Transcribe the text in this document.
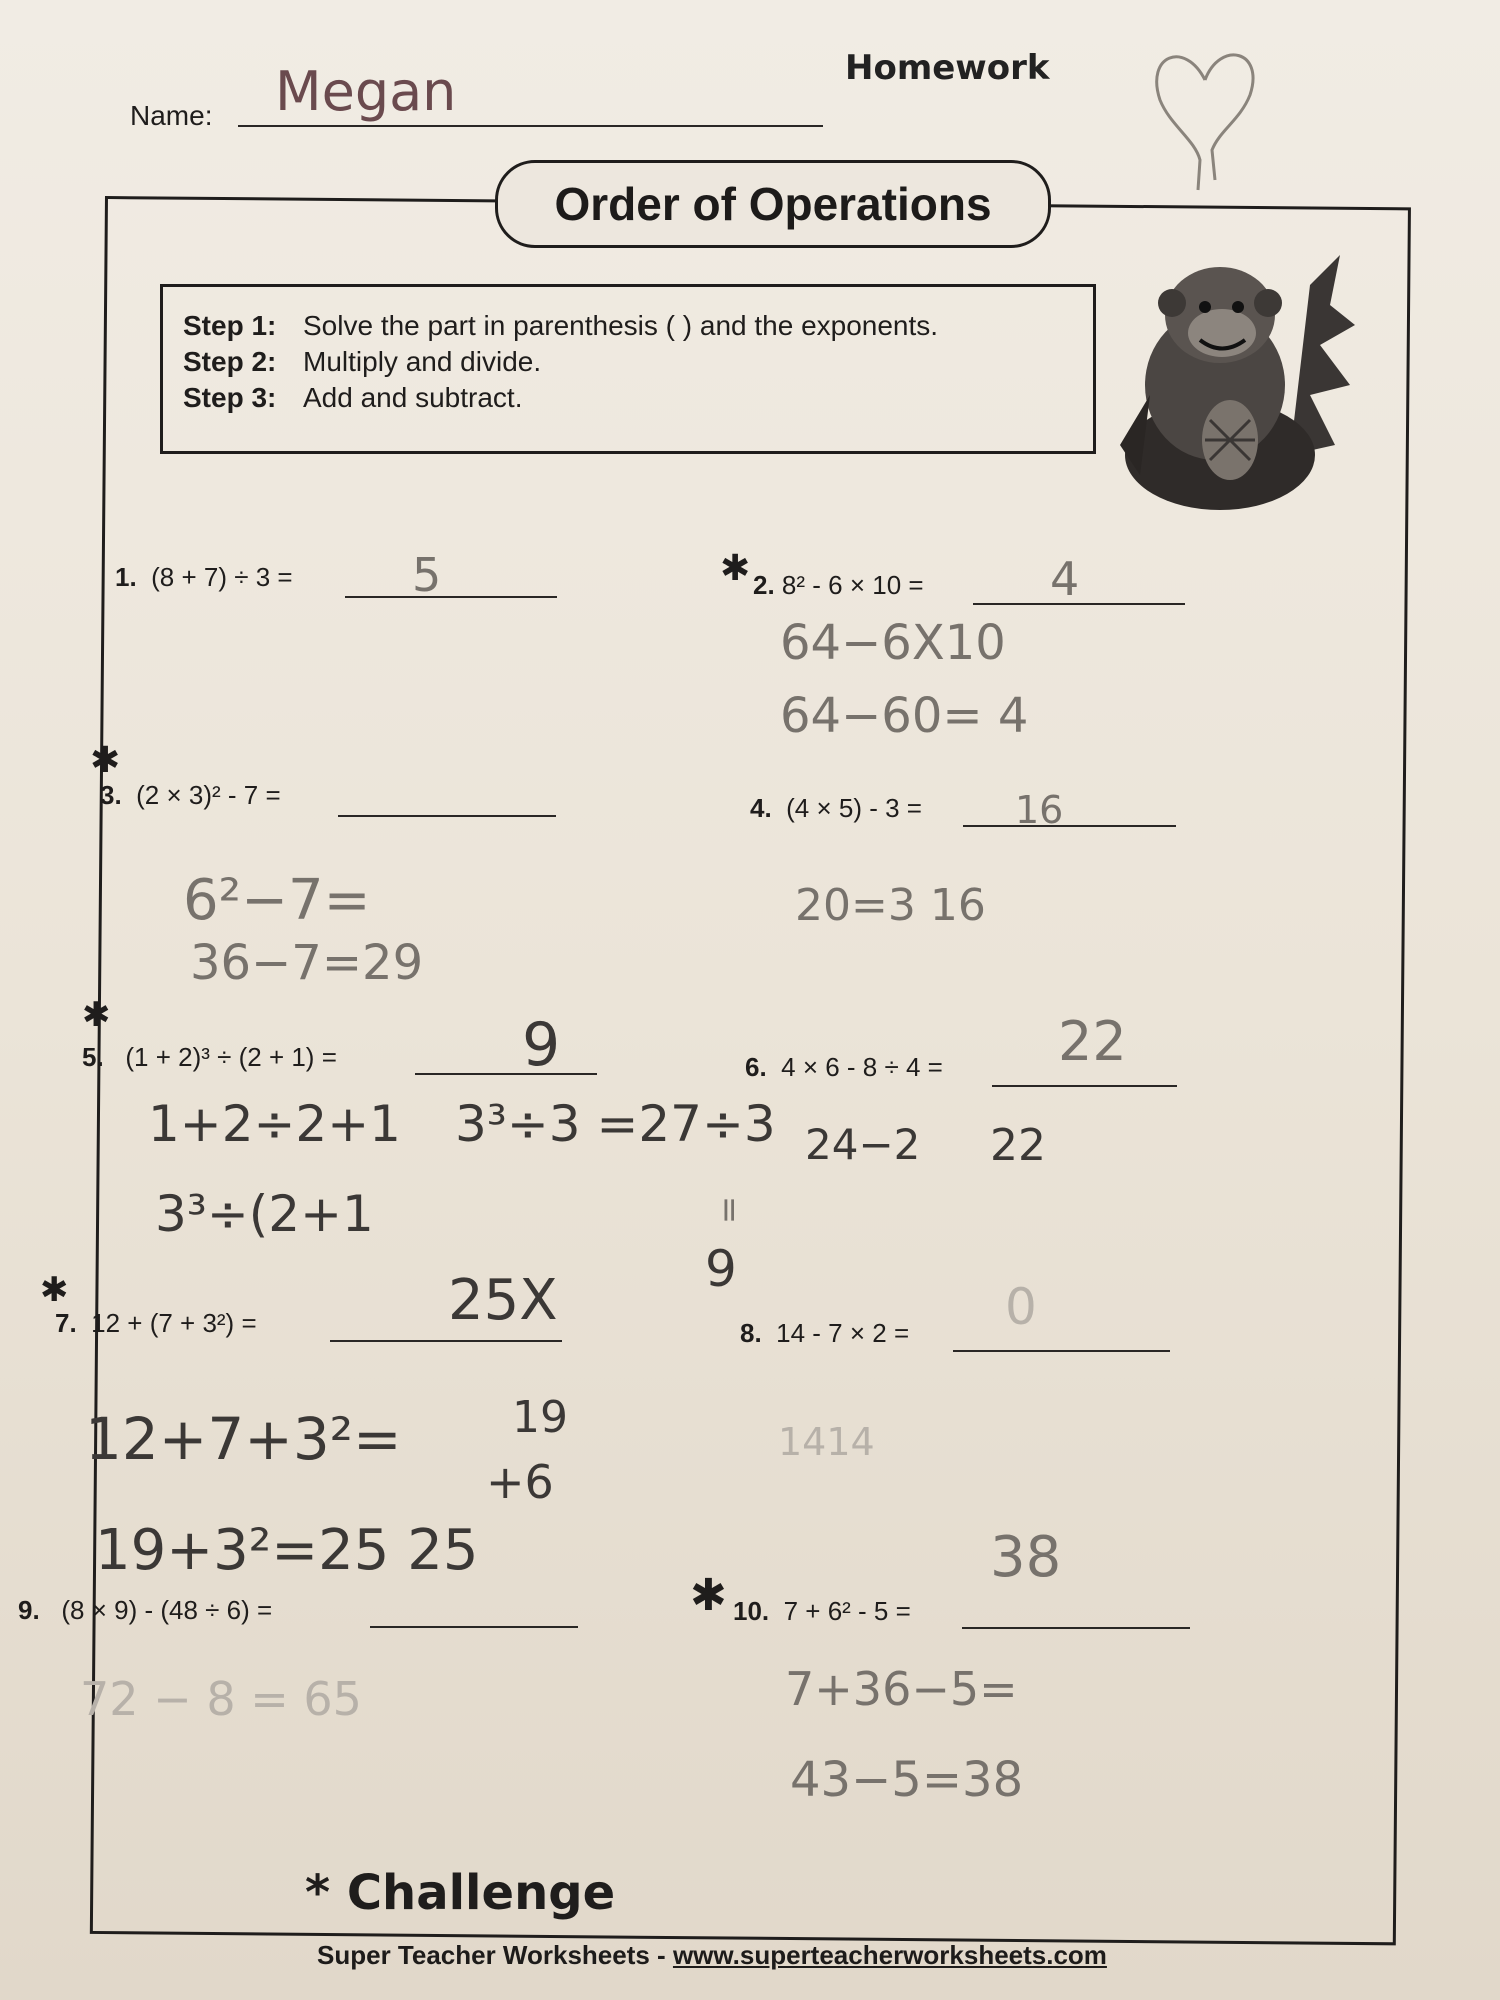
Name: Megan	Homework
Order of Operations
Step 1: Solve the part in parenthesis ( ) and the exponents.
Step 2: Multiply and divide.
Step 3: Add and subtract.
1. (8 + 7) ÷ 3 =	5	✱ 2. 8² - 6 × 10 =	4
64−6X10
64−60= 4
✱
3. (2 × 3)² - 7 =
6²−7=
36−7=29
4. (4 × 5) - 3 = 16
20=3 16
✱
5. (1 + 2)³ ÷ (2 + 1) =	9
1+2÷2+1 3³÷3 =27÷3
3³÷(2+1	=
9
6. 4 × 6 - 8 ÷ 4 = 22
24−2 22
✱
7. 12 + (7 + 3²) =	25X
12+7+3²=	19
+6
19+3²=25 25
8. 14 - 7 × 2 = 0
1414
9. (8 × 9) - (48 ÷ 6) =
72 − 8 = 65
✱ 10. 7 + 6² - 5 =
38
7+36−5=
43−5=38
* Challenge
Super Teacher Worksheets - www.superteacherworksheets.com
